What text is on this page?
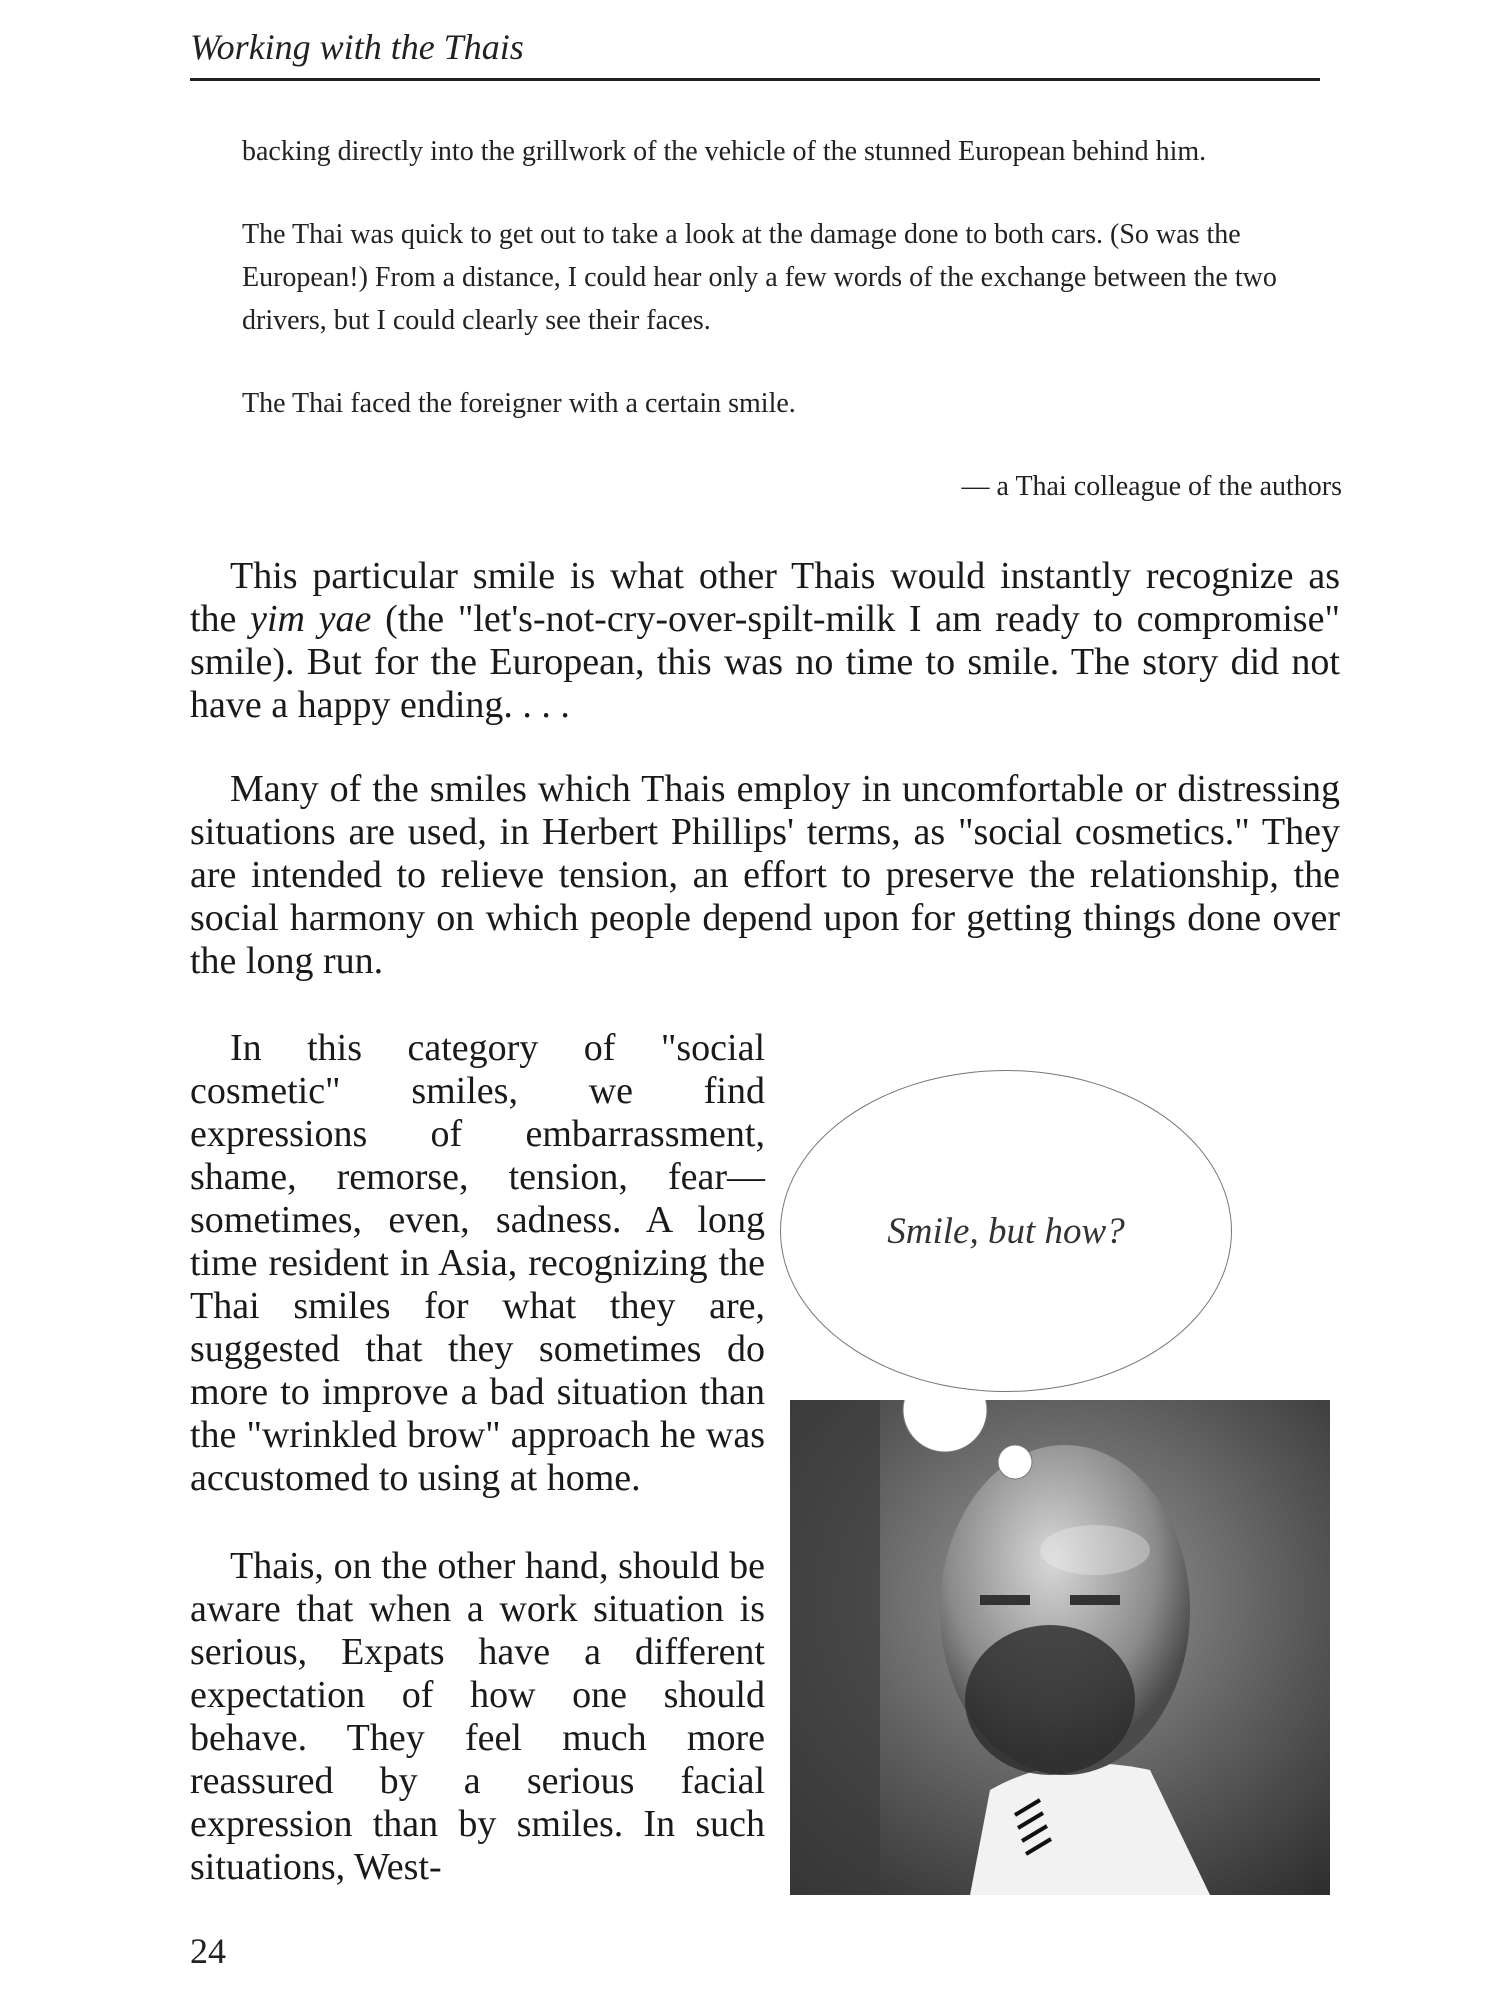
Working with the Thais

backing directly into the grillwork of the vehicle of the stunned European behind him.

The Thai was quick to get out to take a look at the damage done to both cars. (So was the European!) From a distance, I could hear only a few words of the exchange between the two drivers, but I could clearly see their faces.

The Thai faced the foreigner with a certain smile.

— a Thai colleague of the authors

This particular smile is what other Thais would instantly recognize as the yim yae (the "let's-not-cry-over-spilt-milk I am ready to compromise" smile). But for the European, this was no time to smile. The story did not have a happy ending. . . .

Many of the smiles which Thais employ in uncomfortable or distressing situations are used, in Herbert Phillips' terms, as "social cosmetics." They are intended to relieve tension, an effort to preserve the relationship, the social harmony on which people depend upon for getting things done over the long run.

In this category of "social cosmetic" smiles, we find expressions of embarrassment, shame, remorse, tension, fear—sometimes, even, sadness. A long time resident in Asia, recognizing the Thai smiles for what they are, suggested that they sometimes do more to improve a bad situation than the "wrinkled brow" approach he was accustomed to using at home.

Thais, on the other hand, should be aware that when a work situation is serious, Expats have a different expectation of how one should behave. They feel much more reassured by a serious facial expression than by smiles. In such situations, West-

Smile, but how?
24
